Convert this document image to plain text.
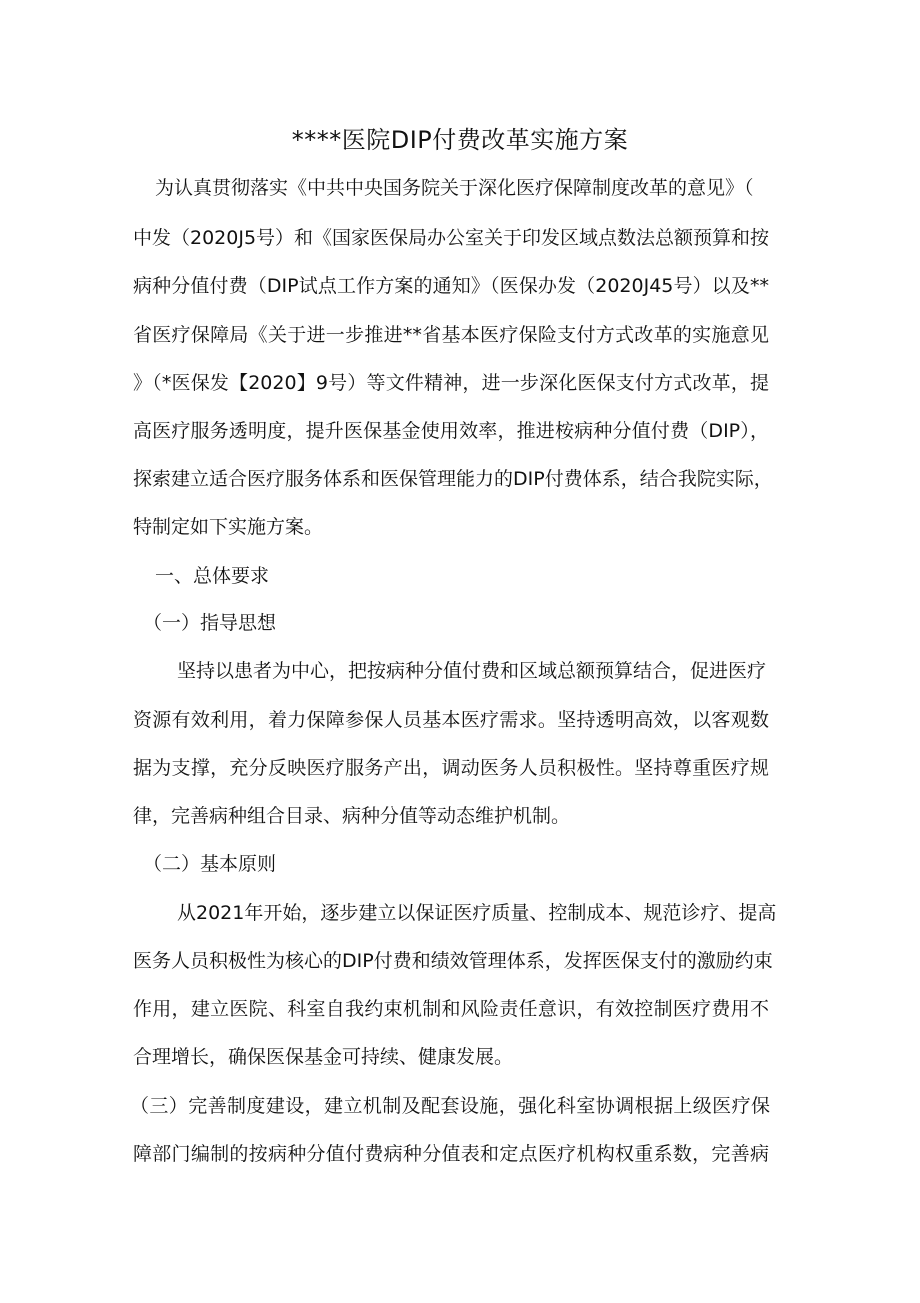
****医院DIP付费改革实施方案

为认真贯彻落实《中共中央国务院关于深化医疗保障制度改革的意见》（

中发（2020J5号）和《国家医保局办公室关于印发区域点数法总额预算和按

病种分值付费（DIP试点工作方案的通知》（医保办发（2020J45号）以及**

省医疗保障局《关于进一步推进**省基本医疗保险支付方式改革的实施意见

》（*医保发【2020】9号）等文件精神，进一步深化医保支付方式改革，提

高医疗服务透明度，提升医保基金使用效率，推进桉病种分值付费（DIP），

探索建立适合医疗服务体系和医保管理能力的DIP付费体系，结合我院实际，

特制定如下实施方案。

一、总体要求

（一）指导思想

坚持以患者为中心，把按病种分值付费和区域总额预算结合，促进医疗

资源有效利用，着力保障参保人员基本医疗需求。坚持透明高效，以客观数

据为支撑，充分反映医疗服务产出，调动医务人员积极性。坚持尊重医疗规

律，完善病种组合目录、病种分值等动态维护机制。

（二）基本原则

从2021年开始，逐步建立以保证医疗质量、控制成本、规范诊疗、提高

医务人员积极性为核心的DIP付费和绩效管理体系，发挥医保支付的激励约束

作用，建立医院、科室自我约束机制和风险责任意识，有效控制医疗费用不

合理增长，确保医保基金可持续、健康发展。

（三）完善制度建设，建立机制及配套设施，强化科室协调根据上级医疗保

障部门编制的按病种分值付费病种分值表和定点医疗机构权重系数，完善病
